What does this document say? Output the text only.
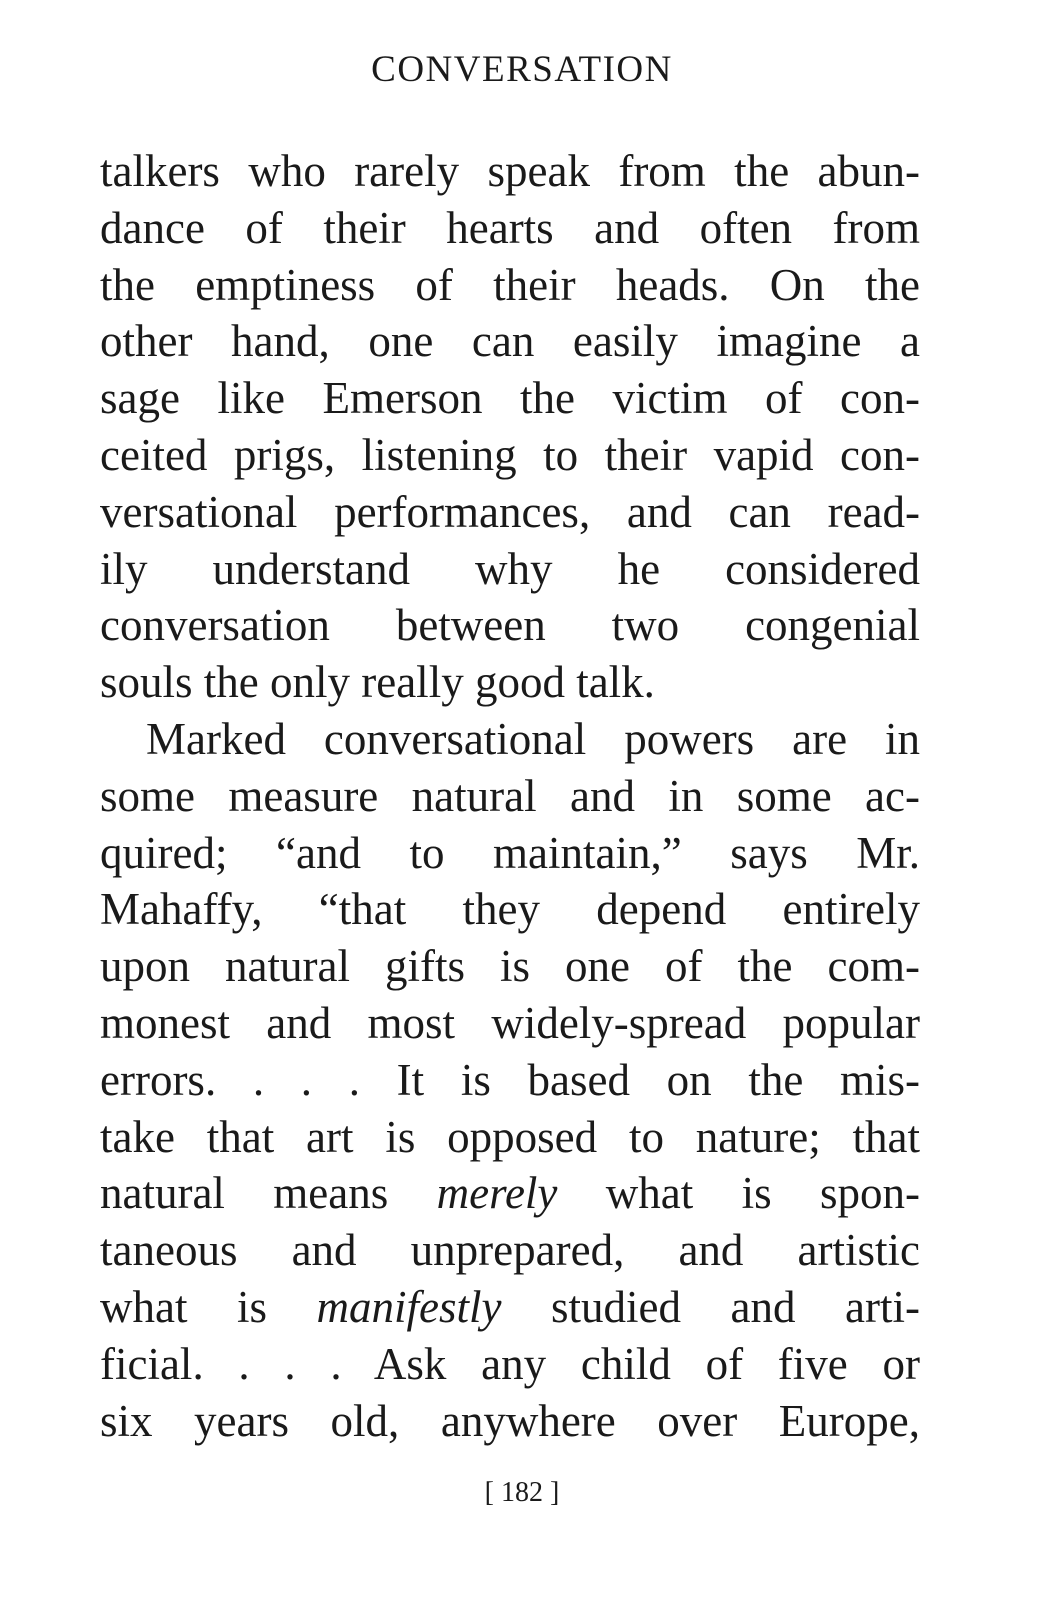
CONVERSATION
talkers who rarely speak from the abun-
dance of their hearts and often from
the emptiness of their heads. On the
other hand, one can easily imagine a
sage like Emerson the victim of con-
ceited prigs, listening to their vapid con-
versational performances, and can read-
ily understand why he considered
conversation between two congenial
souls the only really good talk.
Marked conversational powers are in
some measure natural and in some ac-
quired; “and to maintain,” says Mr.
Mahaffy, “that they depend entirely
upon natural gifts is one of the com-
monest and most widely-spread popular
errors. . . . It is based on the mis-
take that art is opposed to nature; that
natural means merely what is spon-
taneous and unprepared, and artistic
what is manifestly studied and arti-
ficial. . . . Ask any child of five or
six years old, anywhere over Europe,
[ 182 ]
